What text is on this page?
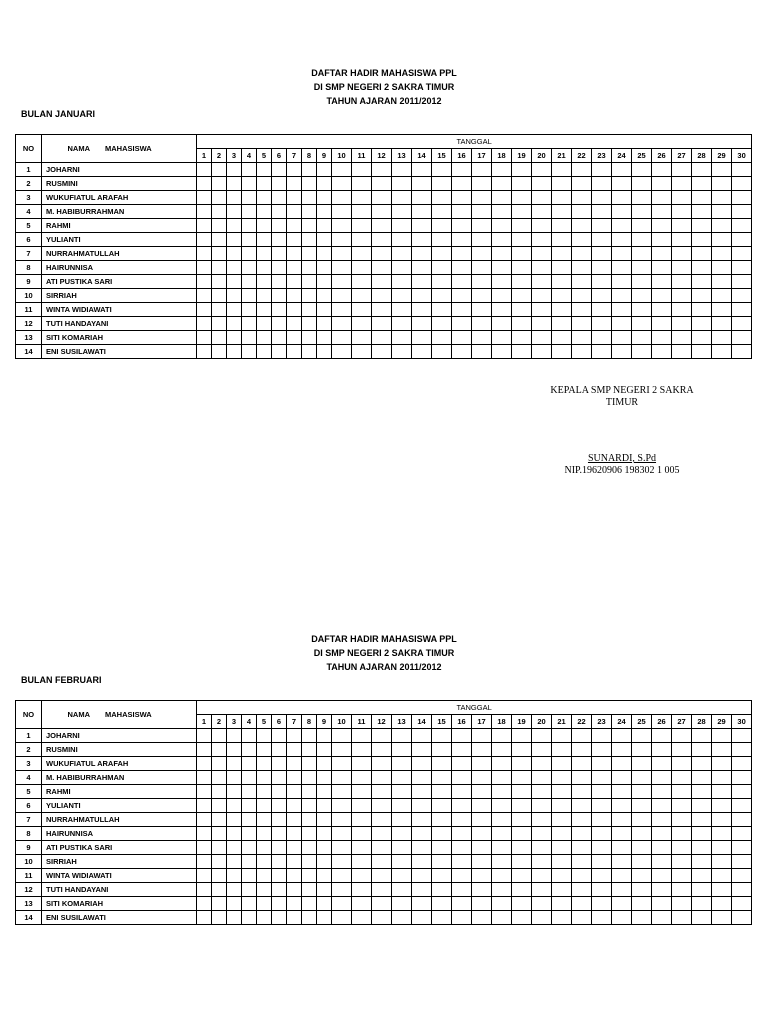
DAFTAR HADIR MAHASISWA PPL
DI SMP NEGERI 2 SAKRA TIMUR
TAHUN AJARAN 2011/2012
BULAN JANUARI
NO	NAMA MAHASISWA	TANGGAL																													
		1	2	3	4	5	6	7	8	9	10	11	12	13	14	15	16	17	18	19	20	21	22	23	24	25	26	27	28	29	30
1	JOHARNI																														
2	RUSMINI																														
3	WUKUFIATUL ARAFAH																														
4	M. HABIBURRAHMAN																														
5	RAHMI																														
6	YULIANTI																														
7	NURRAHMATULLAH																														
8	HAIRUNNISA																														
9	ATI PUSTIKA SARI																														
10	SIRRIAH																														
11	WINTA WIDIAWATI																														
12	TUTI HANDAYANI																														
13	SITI KOMARIAH																														
14	ENI SUSILAWATI																														
KEPALA SMP NEGERI 2 SAKRA
TIMUR
SUNARDI, S.Pd
NIP.19620906 198302 1 005
DAFTAR HADIR MAHASISWA PPL
DI SMP NEGERI 2 SAKRA TIMUR
TAHUN AJARAN 2011/2012
BULAN FEBRUARI
NO	NAMA MAHASISWA	TANGGAL																													
		1	2	3	4	5	6	7	8	9	10	11	12	13	14	15	16	17	18	19	20	21	22	23	24	25	26	27	28	29	30
1	JOHARNI																														
2	RUSMINI																														
3	WUKUFIATUL ARAFAH																														
4	M. HABIBURRAHMAN																														
5	RAHMI																														
6	YULIANTI																														
7	NURRAHMATULLAH																														
8	HAIRUNNISA																														
9	ATI PUSTIKA SARI																														
10	SIRRIAH																														
11	WINTA WIDIAWATI																														
12	TUTI HANDAYANI																														
13	SITI KOMARIAH																														
14	ENI SUSILAWATI																														
